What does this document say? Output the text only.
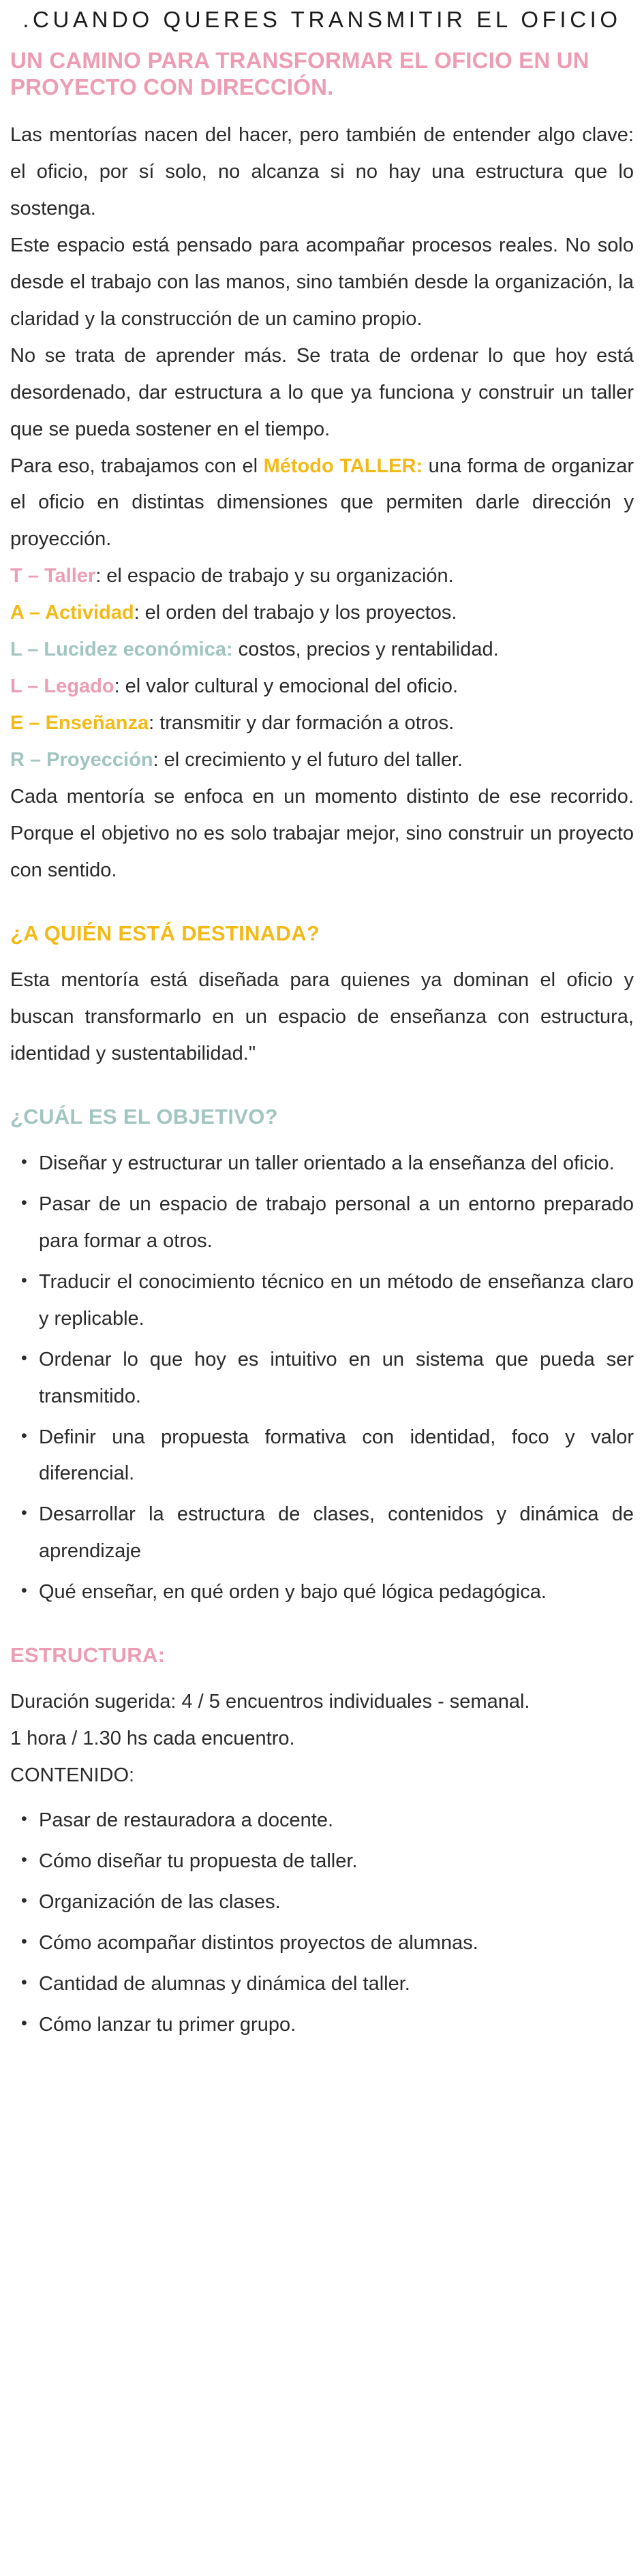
.CUANDO QUERES TRANSMITIR EL OFICIO
UN CAMINO PARA TRANSFORMAR EL OFICIO EN UN PROYECTO CON DIRECCIÓN.

Las mentorías nacen del hacer, pero también de entender algo clave: el oficio, por sí solo, no alcanza si no hay una estructura que lo sostenga.

Este espacio está pensado para acompañar procesos reales. No solo desde el trabajo con las manos, sino también desde la organización, la claridad y la construcción de un camino propio.

No se trata de aprender más. Se trata de ordenar lo que hoy está desordenado, dar estructura a lo que ya funciona y construir un taller que se pueda sostener en el tiempo.

Para eso, trabajamos con el Método TALLER: una forma de organizar el oficio en distintas dimensiones que permiten darle dirección y proyección.

T – Taller: el espacio de trabajo y su organización.

A – Actividad: el orden del trabajo y los proyectos.

L – Lucidez económica: costos, precios y rentabilidad.

L – Legado: el valor cultural y emocional del oficio.

E – Enseñanza: transmitir y dar formación a otros.

R – Proyección: el crecimiento y el futuro del taller.

Cada mentoría se enfoca en un momento distinto de ese recorrido. Porque el objetivo no es solo trabajar mejor, sino construir un proyecto con sentido.

¿A QUIÉN ESTÁ DESTINADA?

Esta mentoría está diseñada para quienes ya dominan el oficio y buscan transformarlo en un espacio de enseñanza con estructura, identidad y sustentabilidad."

¿CUÁL ES EL OBJETIVO?
• Diseñar y estructurar un taller orientado a la enseñanza del oficio.
• Pasar de un espacio de trabajo personal a un entorno preparado para formar a otros.
• Traducir el conocimiento técnico en un método de enseñanza claro y replicable.
• Ordenar lo que hoy es intuitivo en un sistema que pueda ser transmitido.
• Definir una propuesta formativa con identidad, foco y valor diferencial.
• Desarrollar la estructura de clases, contenidos y dinámica de aprendizaje
• Qué enseñar, en qué orden y bajo qué lógica pedagógica.
ESTRUCTURA:

Duración sugerida: 4 / 5 encuentros individuales - semanal.

1 hora / 1.30 hs cada encuentro.

CONTENIDO:

• Pasar de restauradora a docente.
• Cómo diseñar tu propuesta de taller.
• Organización de las clases.
• Cómo acompañar distintos proyectos de alumnas.
• Cantidad de alumnas y dinámica del taller.
• Cómo lanzar tu primer grupo.
